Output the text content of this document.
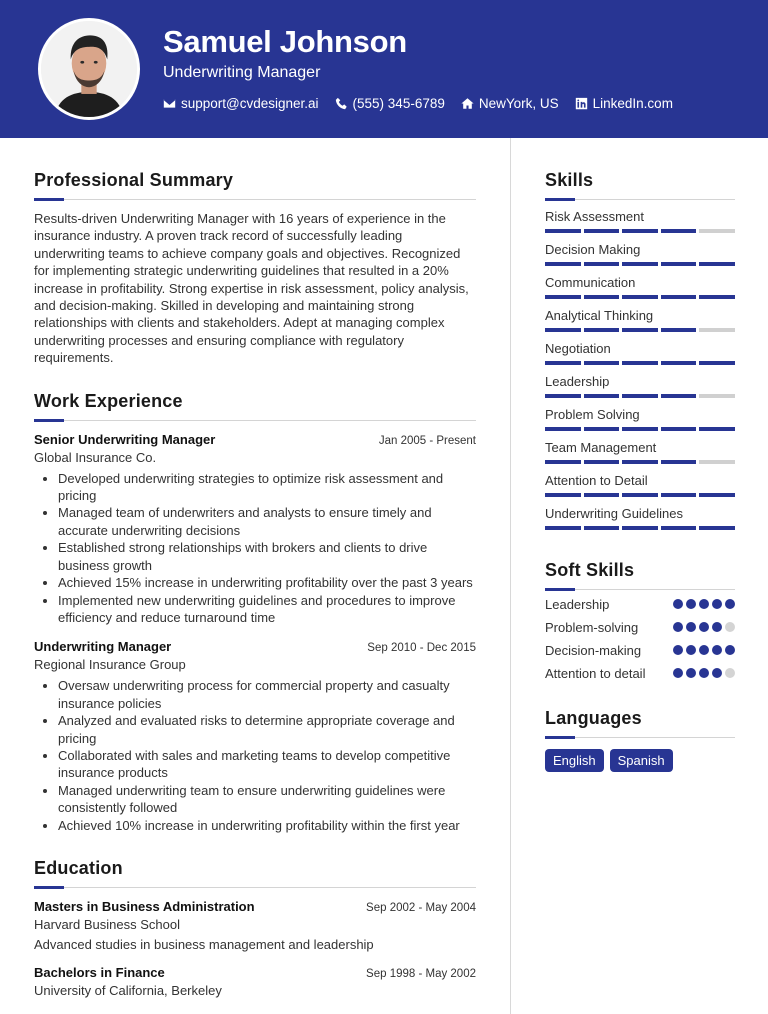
Samuel Johnson
Underwriting Manager
support@cvdesigner.ai	(555) 345-6789	NewYork, US	LinkedIn.com
Professional Summary

Results-driven Underwriting Manager with 16 years of experience in the insurance industry. A proven track record of successfully leading underwriting teams to achieve company goals and objectives. Recognized for implementing strategic underwriting guidelines that resulted in a 20% increase in profitability. Strong expertise in risk assessment, policy analysis, and decision-making. Skilled in developing and maintaining strong relationships with clients and stakeholders. Adept at managing complex underwriting processes and ensuring compliance with regulatory requirements.

Work Experience
Senior Underwriting Manager	Jan 2005 - Present
Global Insurance Co.
• Developed underwriting strategies to optimize risk assessment and pricing
• Managed team of underwriters and analysts to ensure timely and accurate underwriting decisions
• Established strong relationships with brokers and clients to drive business growth
• Achieved 15% increase in underwriting profitability over the past 3 years
• Implemented new underwriting guidelines and procedures to improve efficiency and reduce turnaround time
Underwriting Manager	Sep 2010 - Dec 2015
Regional Insurance Group
• Oversaw underwriting process for commercial property and casualty insurance policies
• Analyzed and evaluated risks to determine appropriate coverage and pricing
• Collaborated with sales and marketing teams to develop competitive insurance products
• Managed underwriting team to ensure underwriting guidelines were consistently followed
• Achieved 10% increase in underwriting profitability within the first year
Education
Masters in Business Administration	Sep 2002 - May 2004
Harvard Business School
Advanced studies in business management and leadership
Bachelors in Finance	Sep 1998 - May 2002
University of California, Berkeley
Skills
Risk Assessment
Decision Making
Communication
Analytical Thinking
Negotiation
Leadership
Problem Solving
Team Management
Attention to Detail
Underwriting Guidelines
Soft Skills
Leadership
Problem-solving
Decision-making
Attention to detail
Languages
English	Spanish
